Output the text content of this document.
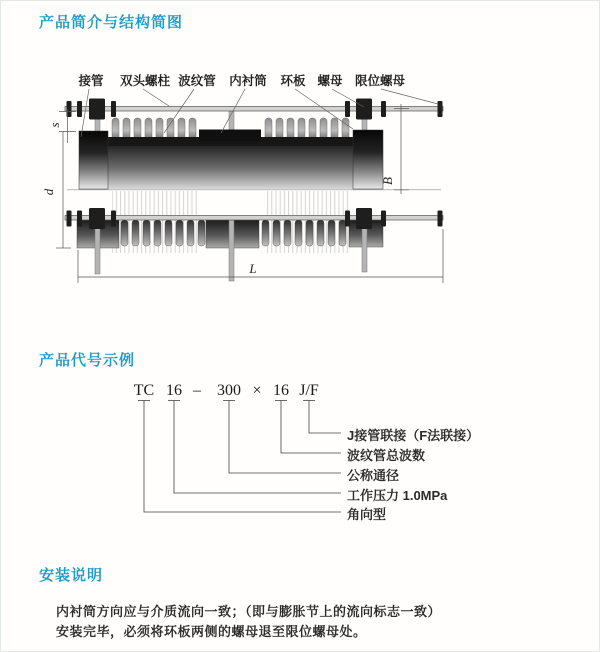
产品简介与结构简图
s
d
B
L
接管 双头螺柱 波纹管 内衬筒 环板 螺母 限位螺母
产品代号示例
TC 16 – 300 × 16 J/F
J接管联接（F法联接）
波纹管总波数
公称通径
工作压力 1.0MPa
角向型
安装说明

内衬筒方向应与介质流向一致；（即与膨胀节上的流向标志一致）

安装完毕，必须将环板两侧的螺母退至限位螺母处。
